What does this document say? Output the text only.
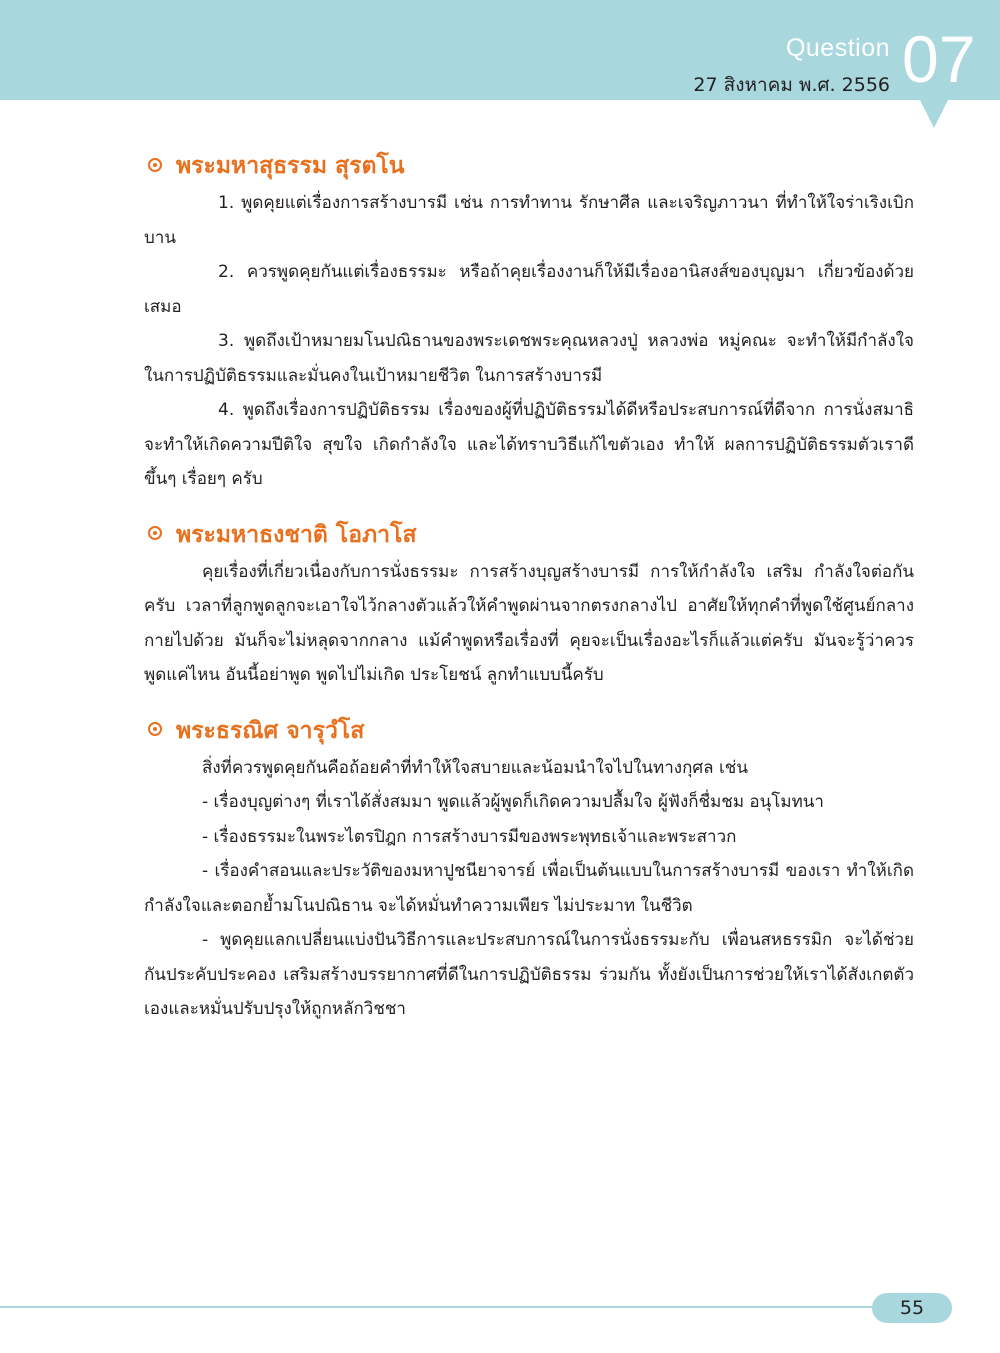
Question
27 สิงหาคม พ.ศ. 2556 07
พระมหาสุธรรม สุรตโน

1. พูดคุยแต่เรื่องการสร้างบารมี เช่น การทำทาน รักษาศีล และเจริญภาวนา ที่ทำให้ใจร่าเริงเบิกบาน

2. ควรพูดคุยกันแต่เรื่องธรรมะ หรือถ้าคุยเรื่องงานก็ให้มีเรื่องอานิสงส์ของบุญมา เกี่ยวข้องด้วยเสมอ

3. พูดถึงเป้าหมายมโนปณิธานของพระเดชพระคุณหลวงปู่ หลวงพ่อ หมู่คณะ จะทำให้มีกำลังใจในการปฏิบัติธรรมและมั่นคงในเป้าหมายชีวิต ในการสร้างบารมี

4. พูดถึงเรื่องการปฏิบัติธรรม เรื่องของผู้ที่ปฏิบัติธรรมได้ดีหรือประสบการณ์ที่ดีจาก การนั่งสมาธิจะทำให้เกิดความปีติใจ สุขใจ เกิดกำลังใจ และได้ทราบวิธีแก้ไขตัวเอง ทำให้ ผลการปฏิบัติธรรมตัวเราดีขึ้นๆ เรื่อยๆ ครับ

พระมหาธงชาติ โอภาโส

คุยเรื่องที่เกี่ยวเนื่องกับการนั่งธรรมะ การสร้างบุญสร้างบารมี การให้กำลังใจ เสริม กำลังใจต่อกันครับ เวลาที่ลูกพูดลูกจะเอาใจไว้กลางตัวแล้วให้คำพูดผ่านจากตรงกลางไป อาศัยให้ทุกคำที่พูดใช้ศูนย์กลางกายไปด้วย มันก็จะไม่หลุดจากกลาง แม้คำพูดหรือเรื่องที่ คุยจะเป็นเรื่องอะไรก็แล้วแต่ครับ มันจะรู้ว่าควรพูดแค่ไหน อันนี้อย่าพูด พูดไปไม่เกิด ประโยชน์ ลูกทำแบบนี้ครับ

พระธรณิศ จารุวํโส

สิ่งที่ควรพูดคุยกันคือถ้อยคำที่ทำให้ใจสบายและน้อมนำใจไปในทางกุศล เช่น

- เรื่องบุญต่างๆ ที่เราได้สั่งสมมา พูดแล้วผู้พูดก็เกิดความปลื้มใจ ผู้ฟังก็ชื่มชม อนุโมทนา

- เรื่องธรรมะในพระไตรปิฎก การสร้างบารมีของพระพุทธเจ้าและพระสาวก

- เรื่องคำสอนและประวัติของมหาปูชนียาจารย์ เพื่อเป็นต้นแบบในการสร้างบารมี ของเรา ทำให้เกิดกำลังใจและตอกย้ำมโนปณิธาน จะได้หมั่นทำความเพียร ไม่ประมาท ในชีวิต

- พูดคุยแลกเปลี่ยนแบ่งปันวิธีการและประสบการณ์ในการนั่งธรรมะกับ เพื่อนสหธรรมิก จะได้ช่วยกันประคับประคอง เสริมสร้างบรรยากาศที่ดีในการปฏิบัติธรรม ร่วมกัน ทั้งยังเป็นการช่วยให้เราได้สังเกตตัวเองและหมั่นปรับปรุงให้ถูกหลักวิชชา

55
